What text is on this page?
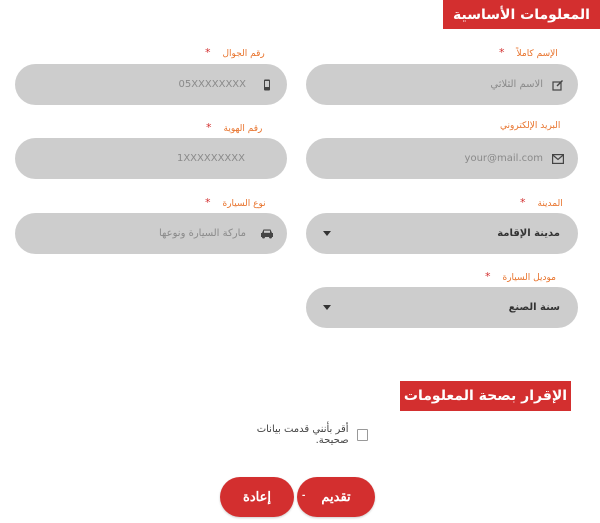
المعلومات الأساسية
الإسم كاملاً*
رقم الجوال*
الاسم الثلاثي
05XXXXXXXX
البريد الإلكتروني
رقم الهوية*
your@mail.com
1XXXXXXXXX
المدينة*
نوع السيارة*
مدينة الإقامة
ماركة السيارة ونوعها
موديل السيارة*
سنة الصنع
الإقرار بصحة المعلومات
أقر بأنني قدمت بيانات صحيحة.
تقديم
-
إعادة
